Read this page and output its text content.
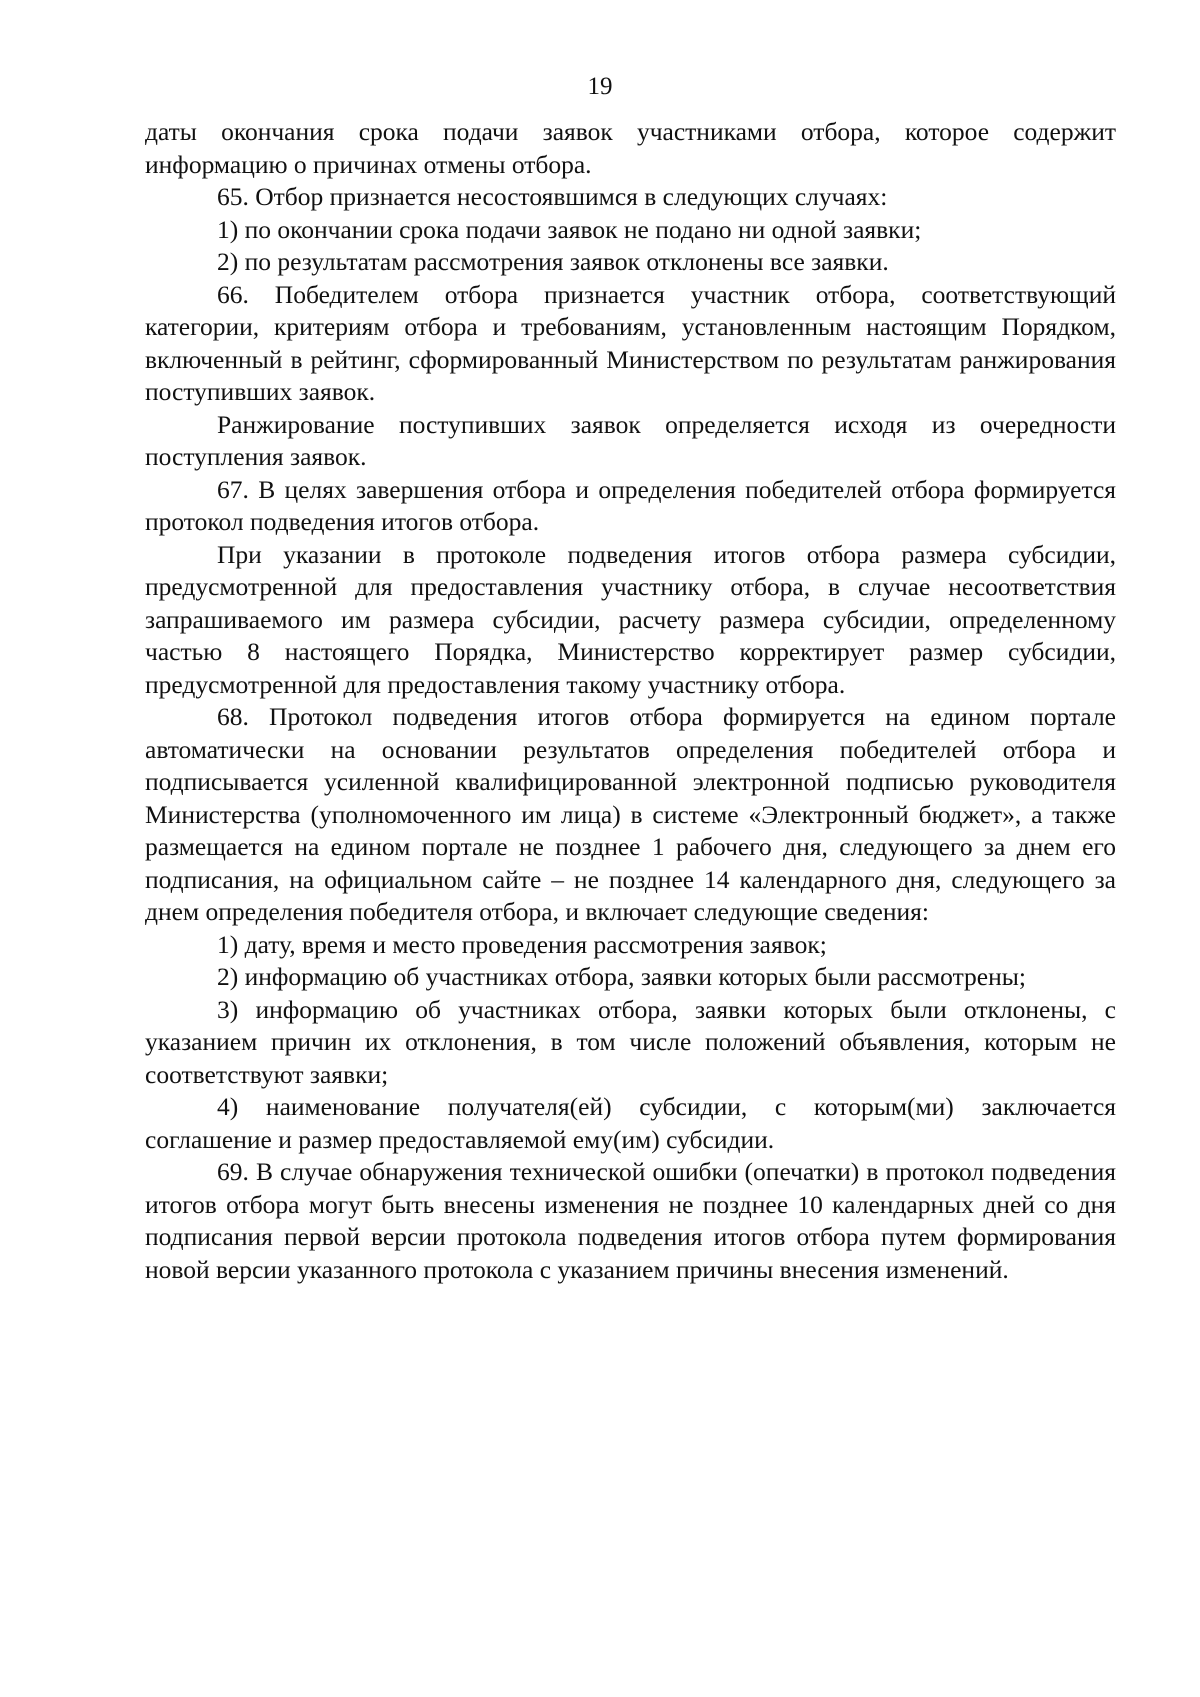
19

даты окончания срока подачи заявок участниками отбора, которое содержит информацию о причинах отмены отбора.

65. Отбор признается несостоявшимся в следующих случаях:

1) по окончании срока подачи заявок не подано ни одной заявки;

2) по результатам рассмотрения заявок отклонены все заявки.

66. Победителем отбора признается участник отбора, соответствующий категории, критериям отбора и требованиям, установленным настоящим Порядком, включенный в рейтинг, сформированный Министерством по результатам ранжирования поступивших заявок.

Ранжирование поступивших заявок определяется исходя из очередности поступления заявок.

67. В целях завершения отбора и определения победителей отбора формируется протокол подведения итогов отбора.

При указании в протоколе подведения итогов отбора размера субсидии, предусмотренной для предоставления участнику отбора, в случае несоответствия запрашиваемого им размера субсидии, расчету размера субсидии, определенному частью 8 настоящего Порядка, Министерство корректирует размер субсидии, предусмотренной для предоставления такому участнику отбора.

68. Протокол подведения итогов отбора формируется на едином портале автоматически на основании результатов определения победителей отбора и подписывается усиленной квалифицированной электронной подписью руководителя Министерства (уполномоченного им лица) в системе «Электронный бюджет», а также размещается на едином портале не позднее 1 рабочего дня, следующего за днем его подписания, на официальном сайте – не позднее 14 календарного дня, следующего за днем определения победителя отбора, и включает следующие сведения:

1) дату, время и место проведения рассмотрения заявок;

2) информацию об участниках отбора, заявки которых были рассмотрены;

3) информацию об участниках отбора, заявки которых были отклонены, с указанием причин их отклонения, в том числе положений объявления, которым не соответствуют заявки;

4) наименование получателя(ей) субсидии, с которым(ми) заключается соглашение и размер предоставляемой ему(им) субсидии.

69. В случае обнаружения технической ошибки (опечатки) в протокол подведения итогов отбора могут быть внесены изменения не позднее 10 календарных дней со дня подписания первой версии протокола подведения итогов отбора путем формирования новой версии указанного протокола с указанием причины внесения изменений.
